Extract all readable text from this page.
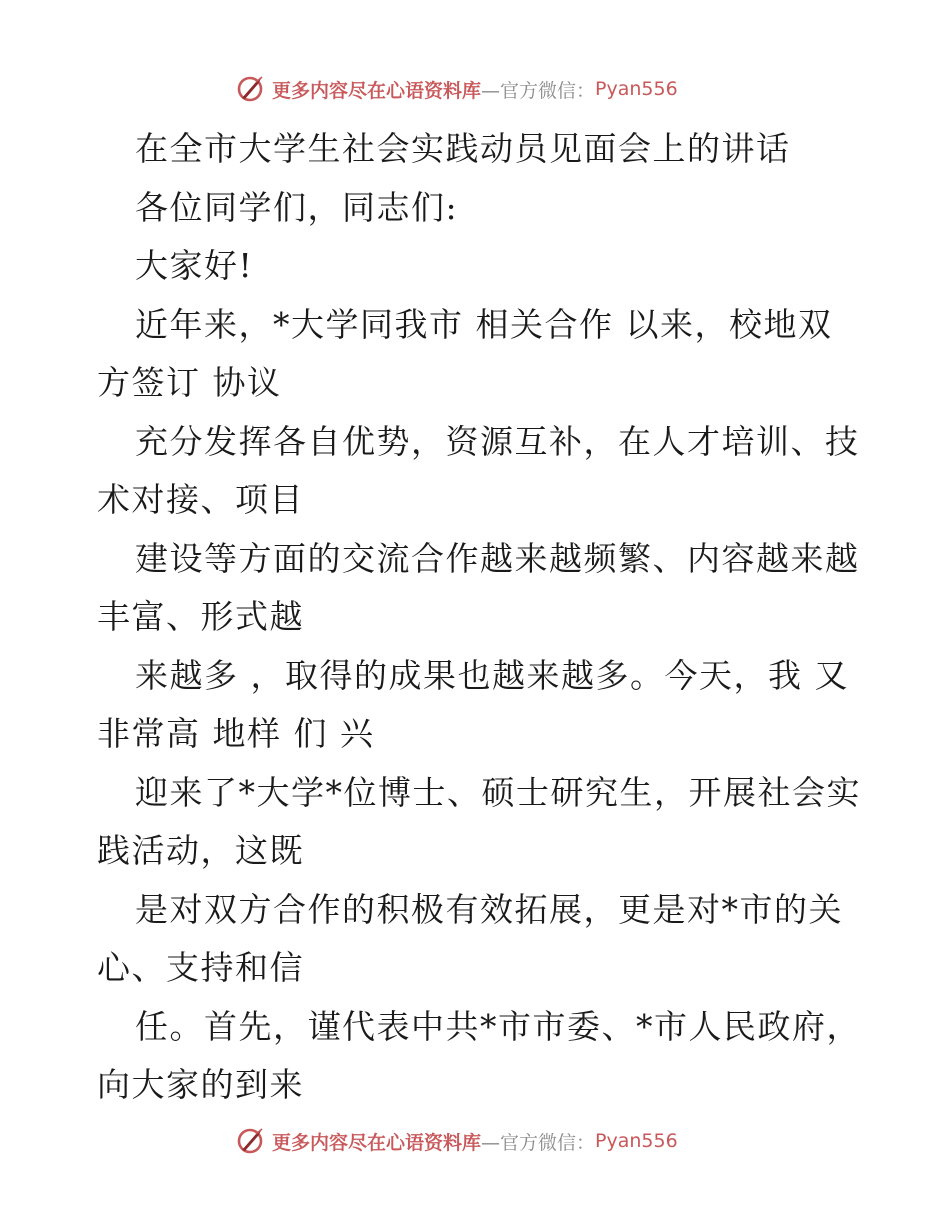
更多内容尽在心语资料库 —官方微信： Pyan556
在全市大学生社会实践动员见面会上的讲话
各位同学们，同志们:
大家好!
近年来，*大学同我市 相关合作 以来，校地双
方签订 协议
充分发挥各自优势，资源互补，在人才培训、技
术对接、项目
建设等方面的交流合作越来越频繁、内容越来越
丰富、形式越
来越多 ，取得的成果也越来越多。今天，我 又
非常高 地样 们 兴
迎来了*大学*位博士、硕士研究生，开展社会实
践活动，这既
是对双方合作的积极有效拓展，更是对*市的关
心、支持和信
任。首先，谨代表中共*市市委、*市人民政府，
向大家的到来
更多内容尽在心语资料库 —官方微信： Pyan556
